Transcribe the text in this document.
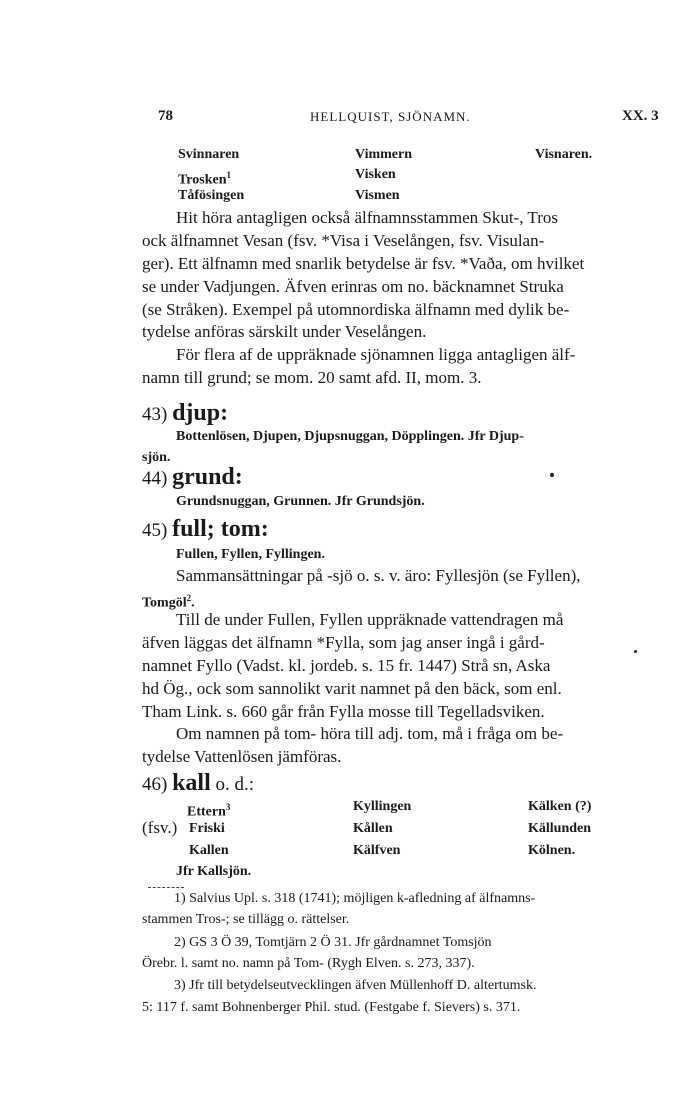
78	HELLQUIST, SJÖNAMN.	XX. 3
Svinnaren
Trosken$^1$
Tåfösingen
Vimmern
Visken
Vismen
Visnaren.
Hit höra antagligen också älfnamnsstammen Skut-, Tros
ock älfnamnet Vesan (fsv. *Visa i Veselången, fsv. Visulan-
ger). Ett älfnamn med snarlik betydelse är fsv. *Vaða, om hvilket
se under Vadjungen. Äfven erinras om no. bäcknamnet Struka
(se Stråken). Exempel på utomnordiska älfnamn med dylik be-
tydelse anföras särskilt under Veselången.
För flera af de uppräknade sjönamnen ligga antagligen älf-
namn till grund; se mom. 20 samt afd. II, mom. 3.
43) djup:
Bottenlösen, Djupen, Djupsnuggan, Döpplingen. Jfr Djup-
sjön.
44) grund:
Grundsnuggan, Grunnen. Jfr Grundsjön.
45) full; tom:
Fullen, Fyllen, Fyllingen.
Sammansättningar på -sjö o. s. v. äro: Fyllesjön (se Fyllen),
Tomgöl$^2$.
Till de under Fullen, Fyllen uppräknade vattendragen må
äfven läggas det älfnamn *Fylla, som jag anser ingå i gård-
namnet Fyllo (Vadst. kl. jordeb. s. 15 fr. 1447) Strå sn, Aska
hd Ög., ock som sannolikt varit namnet på den bäck, som enl.
Tham Link. s. 660 går från Fylla mosse till Tegelladsviken.
Om namnen på tom- höra till adj. tom, må i fråga om be-
tydelse Vattenlösen jämföras.
46) kall o. d.:
(fsv.)
Ettern$^3$
Friski
Kallen
Kyllingen
Kållen
Kälfven
Kälken (?)
Källunden
Kölnen.
Jfr Kallsjön.
1) Salvius Upl. s. 318 (1741); möjligen k-afledning af älfnamns-
stammen Tros-; se tillägg o. rättelser.
2) GS 3 Ö 39, Tomtjärn 2 Ö 31. Jfr gårdnamnet Tomsjön
Örebr. l. samt no. namn på Tom- (Rygh Elven. s. 273, 337).
3) Jfr till betydelseutvecklingen äfven Müllenhoff D. altertumsk.
5: 117 f. samt Bohnenberger Phil. stud. (Festgabe f. Sievers) s. 371.
